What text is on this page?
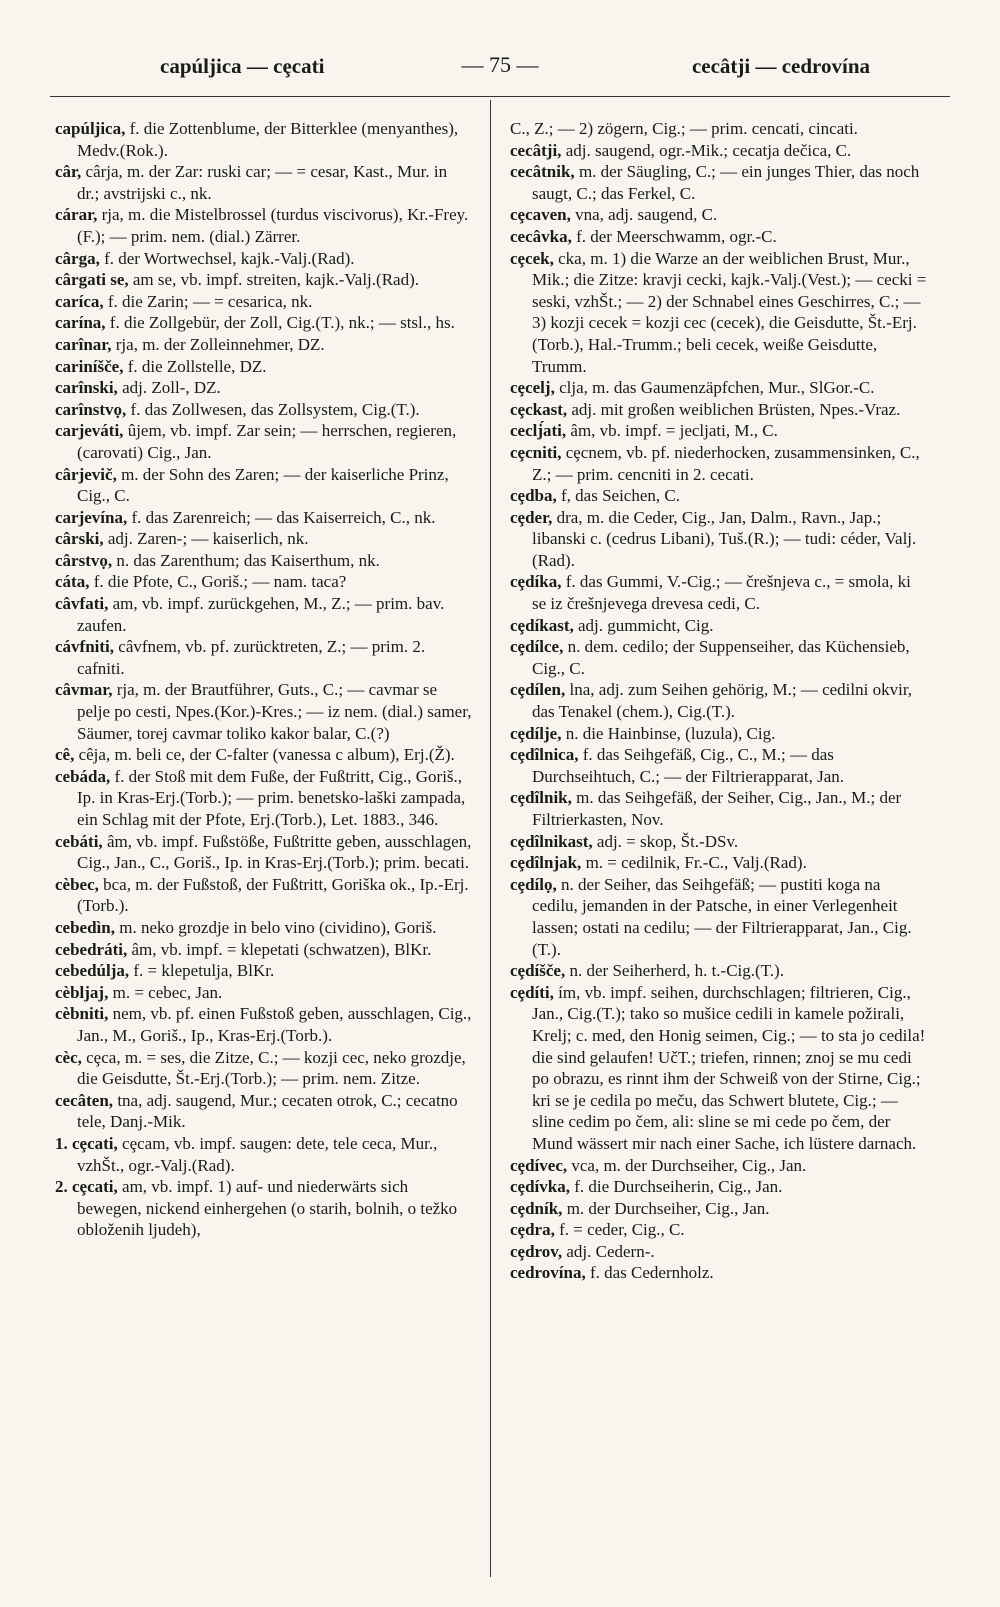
capúljica — cȩcati	— 75 —	cecâtji — cedrovína

capúljica, f. die Zottenblume, der Bitterklee (menyanthes), Medv.(Rok.).

câr, cârja, m. der Zar: ruski car; — = cesar, Kast., Mur. in dr.; avstrijski c., nk.

cárar, rja, m. die Mistelbrossel (turdus viscivorus), Kr.-Frey.(F.); — prim. nem. (dial.) Zärrer.

cârga, f. der Wortwechsel, kajk.-Valj.(Rad).

cârgati se, am se, vb. impf. streiten, kajk.-Valj.(Rad).

caríca, f. die Zarin; — = cesarica, nk.

carína, f. die Zollgebür, der Zoll, Cig.(T.), nk.; — stsl., hs.

carînar, rja, m. der Zolleinnehmer, DZ.

cariníšče, f. die Zollstelle, DZ.

carînski, adj. Zoll-, DZ.

carînstvọ, f. das Zollwesen, das Zollsystem, Cig.(T.).

carjeváti, ûjem, vb. impf. Zar sein; — herrschen, regieren, (carovati) Cig., Jan.

cârjevič, m. der Sohn des Zaren; — der kaiserliche Prinz, Cig., C.

carjevína, f. das Zarenreich; — das Kaiserreich, C., nk.

cârski, adj. Zaren-; — kaiserlich, nk.

cârstvọ, n. das Zarenthum; das Kaiserthum, nk.

cáta, f. die Pfote, C., Goriš.; — nam. taca?

câvfati, am, vb. impf. zurückgehen, M., Z.; — prim. bav. zaufen.

cávfniti, câvfnem, vb. pf. zurücktreten, Z.; — prim. 2. cafniti.

câvmar, rja, m. der Brautführer, Guts., C.; — cavmar se pelje po cesti, Npes.(Kor.)-Kres.; — iz nem. (dial.) samer, Säumer, torej cavmar toliko kakor balar, C.(?)

cê, cêja, m. beli ce, der C-falter (vanessa c album), Erj.(Ž).

cebáda, f. der Stoß mit dem Fuße, der Fußtritt, Cig., Goriš., Ip. in Kras-Erj.(Torb.); — prim. benetsko-laški zampada, ein Schlag mit der Pfote, Erj.(Torb.), Let. 1883., 346.

cebáti, âm, vb. impf. Fußstöße, Fußtritte geben, ausschlagen, Cig., Jan., C., Goriš., Ip. in Kras-Erj.(Torb.); prim. becati.

cèbec, bca, m. der Fußstoß, der Fußtritt, Goriška ok., Ip.-Erj.(Torb.).

cebedìn, m. neko grozdje in belo vino (cividino), Goriš.

cebedráti, âm, vb. impf. = klepetati (schwatzen), BlKr.

cebedúlja, f. = klepetulja, BlKr.

cèbljaj, m. = cebec, Jan.

cèbniti, nem, vb. pf. einen Fußstoß geben, ausschlagen, Cig., Jan., M., Goriš., Ip., Kras-Erj.(Torb.).

cèc, cȩca, m. = ses, die Zitze, C.; — kozji cec, neko grozdje, die Geisdutte, Št.-Erj.(Torb.); — prim. nem. Zitze.

cecâten, tna, adj. saugend, Mur.; cecaten otrok, C.; cecatno tele, Danj.-Mik.

1. cȩcati, cȩcam, vb. impf. saugen: dete, tele ceca, Mur., vzhŠt., ogr.-Valj.(Rad).

2. cȩcati, am, vb. impf. 1) auf- und niederwärts sich bewegen, nickend einhergehen (o starih, bolnih, o težko obloženih ljudeh),

C., Z.; — 2) zögern, Cig.; — prim. cencati, cincati.

cecâtji, adj. saugend, ogr.-Mik.; cecatja dečica, C.

cecâtnik, m. der Säugling, C.; — ein junges Thier, das noch saugt, C.; das Ferkel, C.

cȩcaven, vna, adj. saugend, C.

cecâvka, f. der Meerschwamm, ogr.-C.

cȩcek, cka, m. 1) die Warze an der weiblichen Brust, Mur., Mik.; die Zitze: kravji cecki, kajk.-Valj.(Vest.); — cecki = seski, vzhŠt.; — 2) der Schnabel eines Geschirres, C.; — 3) kozji cecek = kozji cec (cecek), die Geisdutte, Št.-Erj.(Torb.), Hal.-Trumm.; beli cecek, weiße Geisdutte, Trumm.

cȩcelj, clja, m. das Gaumenzäpfchen, Mur., SlGor.-C.

cȩckast, adj. mit großen weiblichen Brüsten, Npes.-Vraz.

ceclj́ati, âm, vb. impf. = jecljati, M., C.

cȩcniti, cȩcnem, vb. pf. niederhocken, zusammensinken, C., Z.; — prim. cencniti in 2. cecati.

cȩdba, f, das Seichen, C.

cȩder, dra, m. die Ceder, Cig., Jan, Dalm., Ravn., Jap.; libanski c. (cedrus Libani), Tuš.(R.); — tudi: céder, Valj.(Rad).

cȩdíka, f. das Gummi, V.-Cig.; — črešnjeva c., = smola, ki se iz črešnjevega drevesa cedi, C.

cȩdíkast, adj. gummicht, Cig.

cȩdílce, n. dem. cedilo; der Suppenseiher, das Küchensieb, Cig., C.

cȩdílen, lna, adj. zum Seihen gehörig, M.; — cedilni okvir, das Tenakel (chem.), Cig.(T.).

cȩdílje, n. die Hainbinse, (luzula), Cig.

cȩdîlnica, f. das Seihgefäß, Cig., C., M.; — das Durchseihtuch, C.; — der Filtrierapparat, Jan.

cȩdîlnik, m. das Seihgefäß, der Seiher, Cig., Jan., M.; der Filtrierkasten, Nov.

cȩdîlnikast, adj. = skop, Št.-DSv.

cȩdîlnjak, m. = cedilnik, Fr.-C., Valj.(Rad).

cȩdílọ, n. der Seiher, das Seihgefäß; — pustiti koga na cedilu, jemanden in der Patsche, in einer Verlegenheit lassen; ostati na cedilu; — der Filtrierapparat, Jan., Cig.(T.).

cȩdíšče, n. der Seiherherd, h. t.-Cig.(T.).

cȩdíti, ím, vb. impf. seihen, durchschlagen; filtrieren, Cig., Jan., Cig.(T.); tako so mušice cedili in kamele požirali, Krelj; c. med, den Honig seimen, Cig.; — to sta jo cedila! die sind gelaufen! UčT.; triefen, rinnen; znoj se mu cedi po obrazu, es rinnt ihm der Schweiß von der Stirne, Cig.; kri se je cedila po meču, das Schwert blutete, Cig.; — sline cedim po čem, ali: sline se mi cede po čem, der Mund wässert mir nach einer Sache, ich lüstere darnach.

cȩdívec, vca, m. der Durchseiher, Cig., Jan.

cȩdívka, f. die Durchseiherin, Cig., Jan.

cȩdník, m. der Durchseiher, Cig., Jan.

cȩdra, f. = ceder, Cig., C.

cȩdrov, adj. Cedern-.

cedrovína, f. das Cedernholz.
